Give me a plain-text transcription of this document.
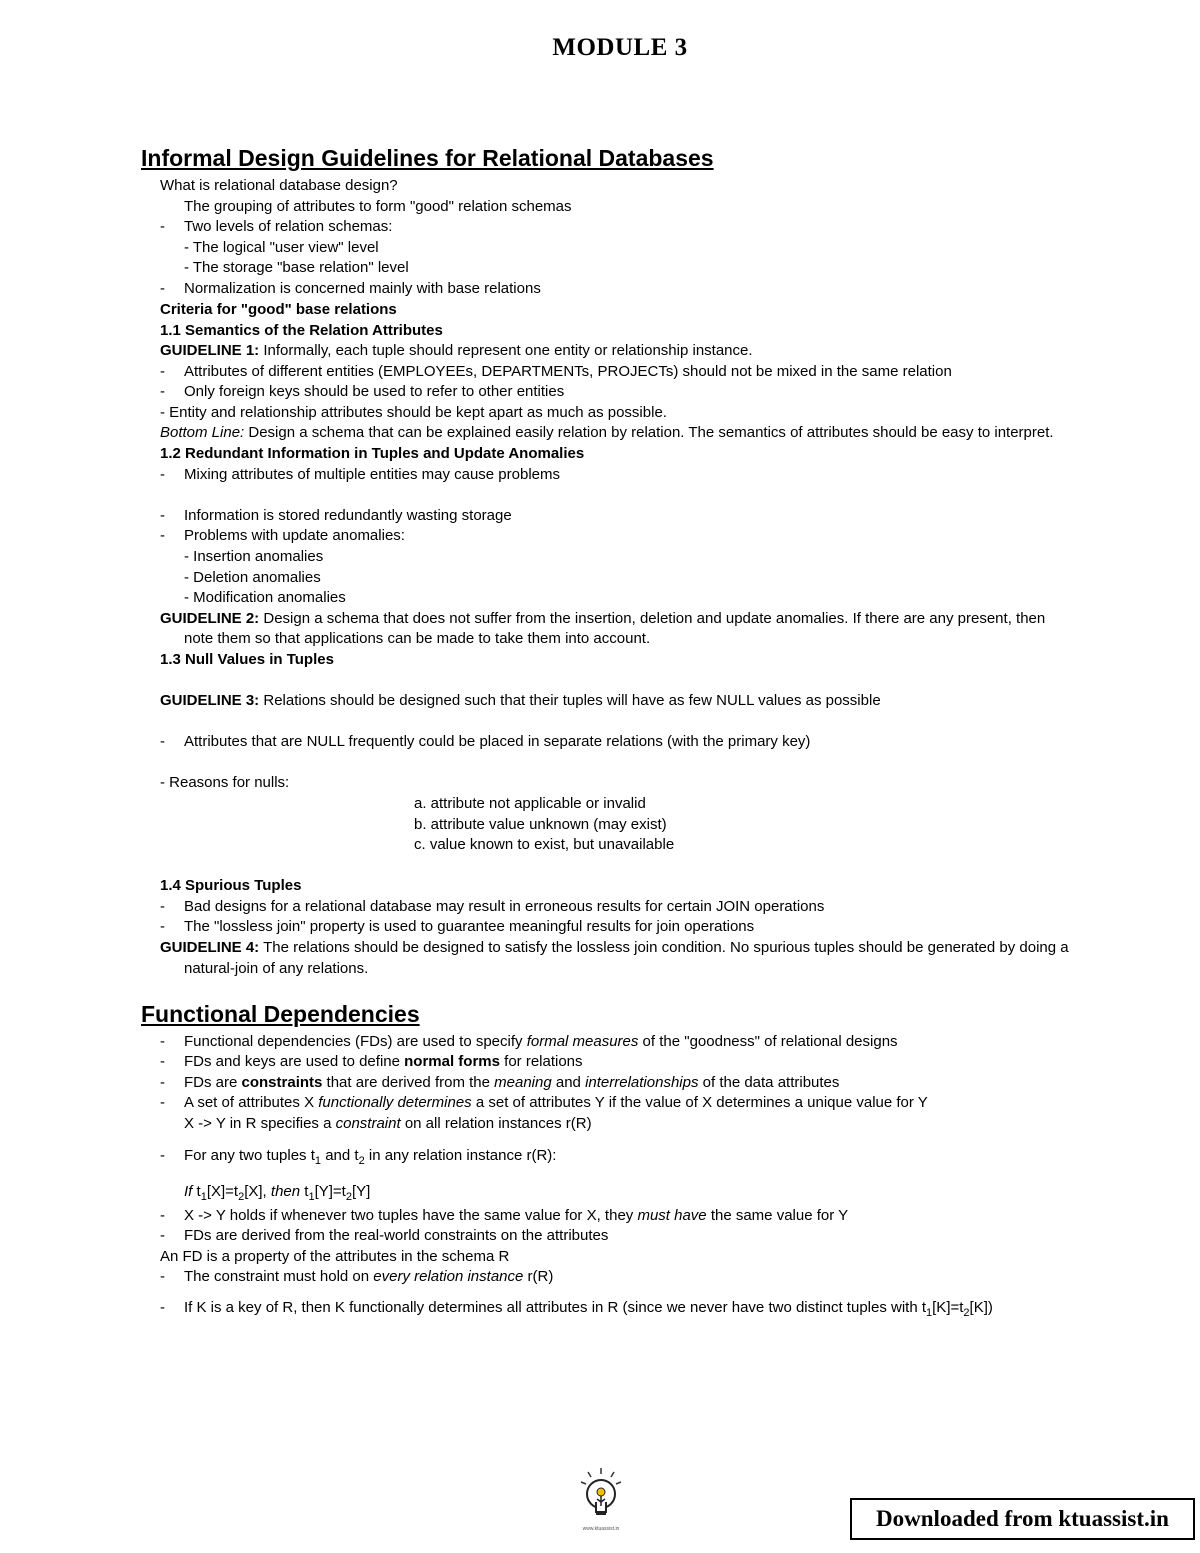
MODULE 3
Informal Design Guidelines for Relational Databases
What is relational database design?
The grouping of attributes to form "good" relation schemas
- Two levels of relation schemas:
- The logical "user view" level
- The storage "base relation" level
- Normalization is concerned mainly with base relations
Criteria for "good" base relations
1.1 Semantics of the Relation Attributes
GUIDELINE 1: Informally, each tuple should represent one entity or relationship instance.
- Attributes of different entities (EMPLOYEEs, DEPARTMENTs, PROJECTs) should not be mixed in the same relation
- Only foreign keys should be used to refer to other entities
- Entity and relationship attributes should be kept apart as much as possible.
Bottom Line: Design a schema that can be explained easily relation by relation. The semantics of attributes should be easy to interpret.
1.2 Redundant Information in Tuples and Update Anomalies
- Mixing attributes of multiple entities may cause problems
- Information is stored redundantly wasting storage
- Problems with update anomalies:
- Insertion anomalies
- Deletion anomalies
- Modification anomalies
GUIDELINE 2: Design a schema that does not suffer from the insertion, deletion and update anomalies. If there are any present, then
note them so that applications can be made to take them into account.
1.3 Null Values in Tuples
GUIDELINE 3: Relations should be designed such that their tuples will have as few NULL values as possible
- Attributes that are NULL frequently could be placed in separate relations (with the primary key)
- Reasons for nulls:
a. attribute not applicable or invalid
b. attribute value unknown (may exist)
c. value known to exist, but unavailable
1.4 Spurious Tuples
- Bad designs for a relational database may result in erroneous results for certain JOIN operations
- The "lossless join" property is used to guarantee meaningful results for join operations
GUIDELINE 4: The relations should be designed to satisfy the lossless join condition. No spurious tuples should be generated by doing a
natural-join of any relations.
Functional Dependencies
- Functional dependencies (FDs) are used to specify formal measures of the "goodness" of relational designs
- FDs and keys are used to define normal forms for relations
- FDs are constraints that are derived from the meaning and interrelationships of the data attributes
- A set of attributes X functionally determines a set of attributes Y if the value of X determines a unique value for Y
X -> Y in R specifies a constraint on all relation instances r(R)
- For any two tuples $t_1$ and $t_2$ in any relation instance r(R):
If $t_1[X]=t_2[X]$, then $t_1[Y]=t_2[Y]$
- X -> Y holds if whenever two tuples have the same value for X, they must have the same value for Y
- FDs are derived from the real-world constraints on the attributes
An FD is a property of the attributes in the schema R
- The constraint must hold on every relation instance r(R)
- If K is a key of R, then K functionally determines all attributes in R (since we never have two distinct tuples with $t_1[K]=t_2[K]$)
www.ktuassist.in	Downloaded from ktuassist.in
